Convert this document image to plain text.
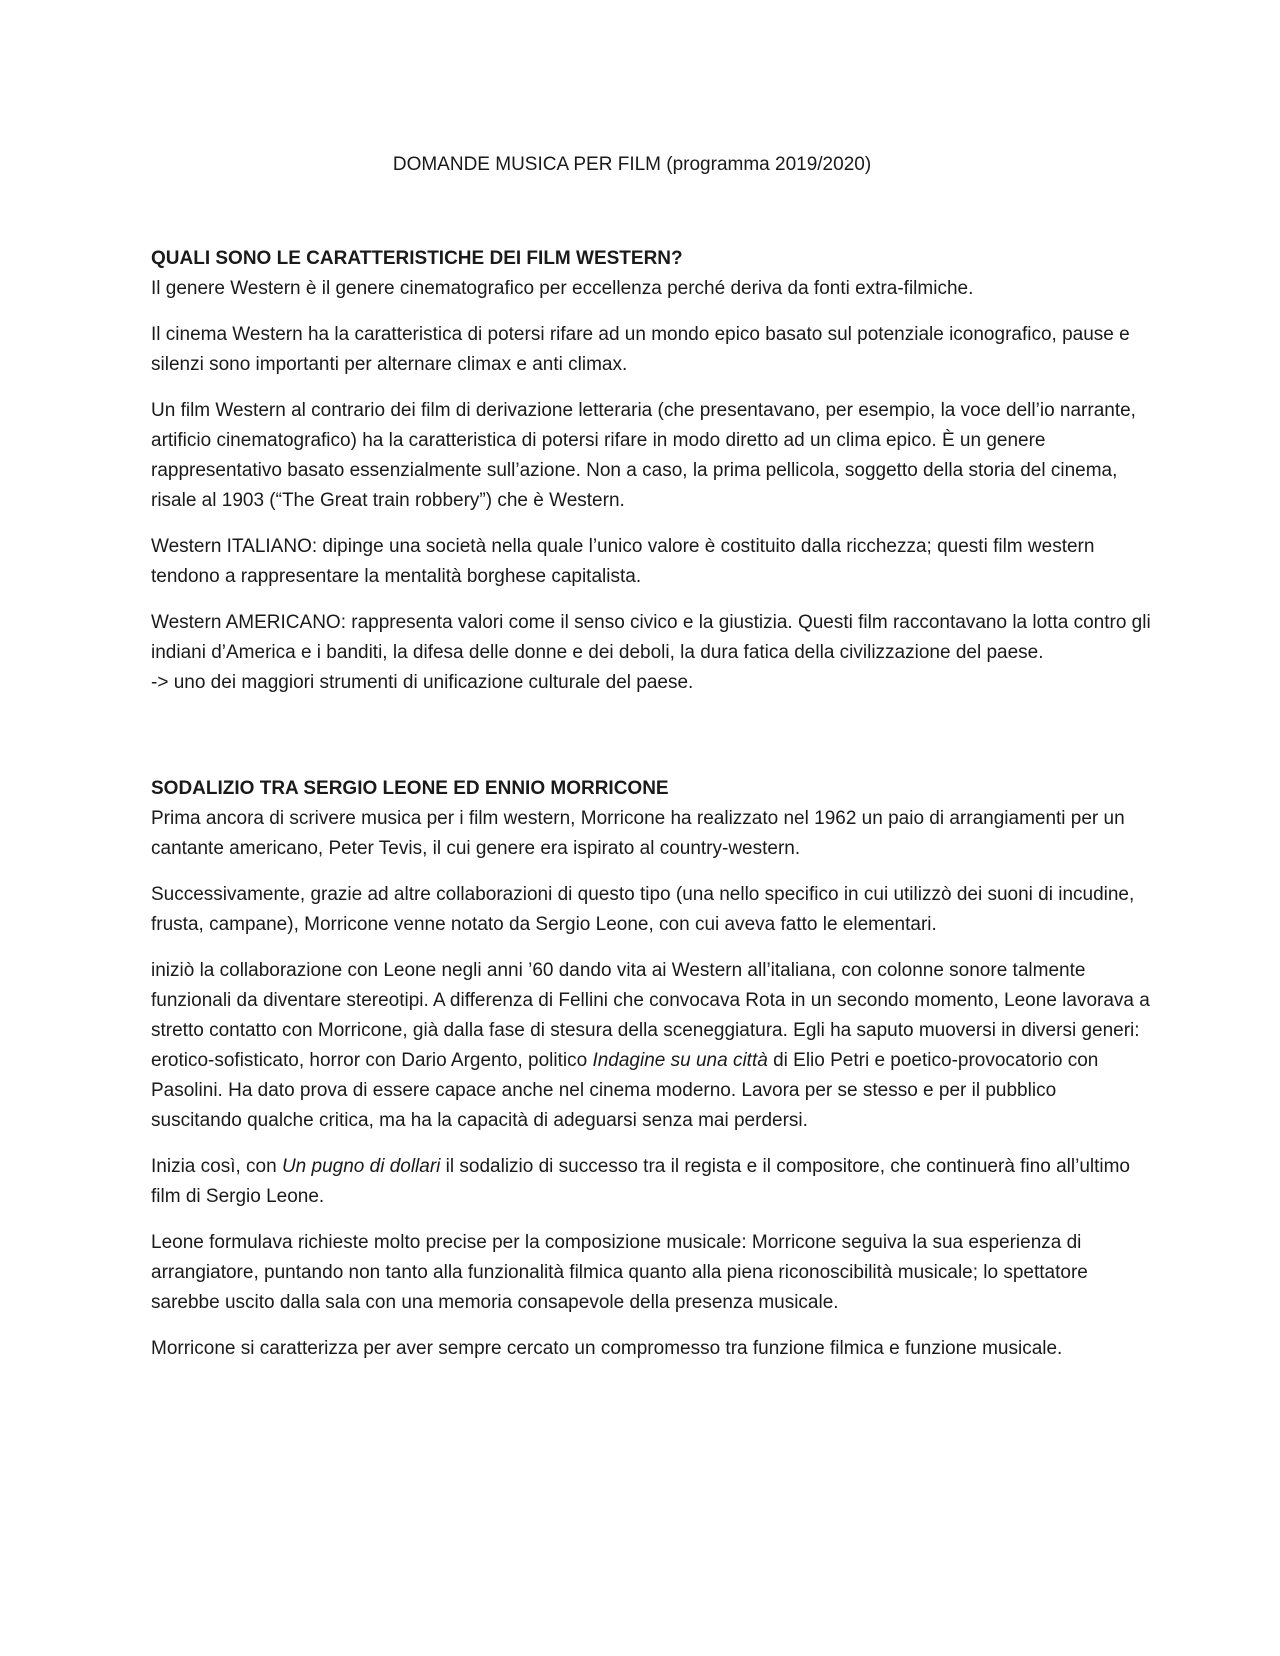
DOMANDE MUSICA PER FILM (programma 2019/2020)
QUALI SONO LE CARATTERISTICHE DEI FILM WESTERN?

Il genere Western è il genere cinematografico per eccellenza perché deriva da fonti extra-filmiche.

Il cinema Western ha la caratteristica di potersi rifare ad un mondo epico basato sul potenziale iconografico, pause e silenzi sono importanti per alternare climax e anti climax.

Un film Western al contrario dei film di derivazione letteraria (che presentavano, per esempio, la voce dell’io narrante, artificio cinematografico) ha la caratteristica di potersi rifare in modo diretto ad un clima epico. È un genere rappresentativo basato essenzialmente sull’azione. Non a caso, la prima pellicola, soggetto della storia del cinema, risale al 1903 (“The Great train robbery”) che è Western.

Western ITALIANO: dipinge una società nella quale l’unico valore è costituito dalla ricchezza; questi film western tendono a rappresentare la mentalità borghese capitalista.

Western AMERICANO: rappresenta valori come il senso civico e la giustizia. Questi film raccontavano la lotta contro gli indiani d’America e i banditi, la difesa delle donne e dei deboli, la dura fatica della civilizzazione del paese.
-> uno dei maggiori strumenti di unificazione culturale del paese.

SODALIZIO TRA SERGIO LEONE ED ENNIO MORRICONE

Prima ancora di scrivere musica per i film western, Morricone ha realizzato nel 1962 un paio di arrangiamenti per un cantante americano, Peter Tevis, il cui genere era ispirato al country-western.

Successivamente, grazie ad altre collaborazioni di questo tipo (una nello specifico in cui utilizzò dei suoni di incudine, frusta, campane), Morricone venne notato da Sergio Leone, con cui aveva fatto le elementari.

iniziò la collaborazione con Leone negli anni ’60 dando vita ai Western all’italiana, con colonne sonore talmente funzionali da diventare stereotipi. A differenza di Fellini che convocava Rota in un secondo momento, Leone lavorava a stretto contatto con Morricone, già dalla fase di stesura della sceneggiatura. Egli ha saputo muoversi in diversi generi: erotico-sofisticato, horror con Dario Argento, politico Indagine su una città di Elio Petri e poetico-provocatorio con Pasolini. Ha dato prova di essere capace anche nel cinema moderno. Lavora per se stesso e per il pubblico suscitando qualche critica, ma ha la capacità di adeguarsi senza mai perdersi.

Inizia così, con Un pugno di dollari il sodalizio di successo tra il regista e il compositore, che continuerà fino all’ultimo film di Sergio Leone.

Leone formulava richieste molto precise per la composizione musicale: Morricone seguiva la sua esperienza di arrangiatore, puntando non tanto alla funzionalità filmica quanto alla piena riconoscibilità musicale; lo spettatore sarebbe uscito dalla sala con una memoria consapevole della presenza musicale.

Morricone si caratterizza per aver sempre cercato un compromesso tra funzione filmica e funzione musicale.
